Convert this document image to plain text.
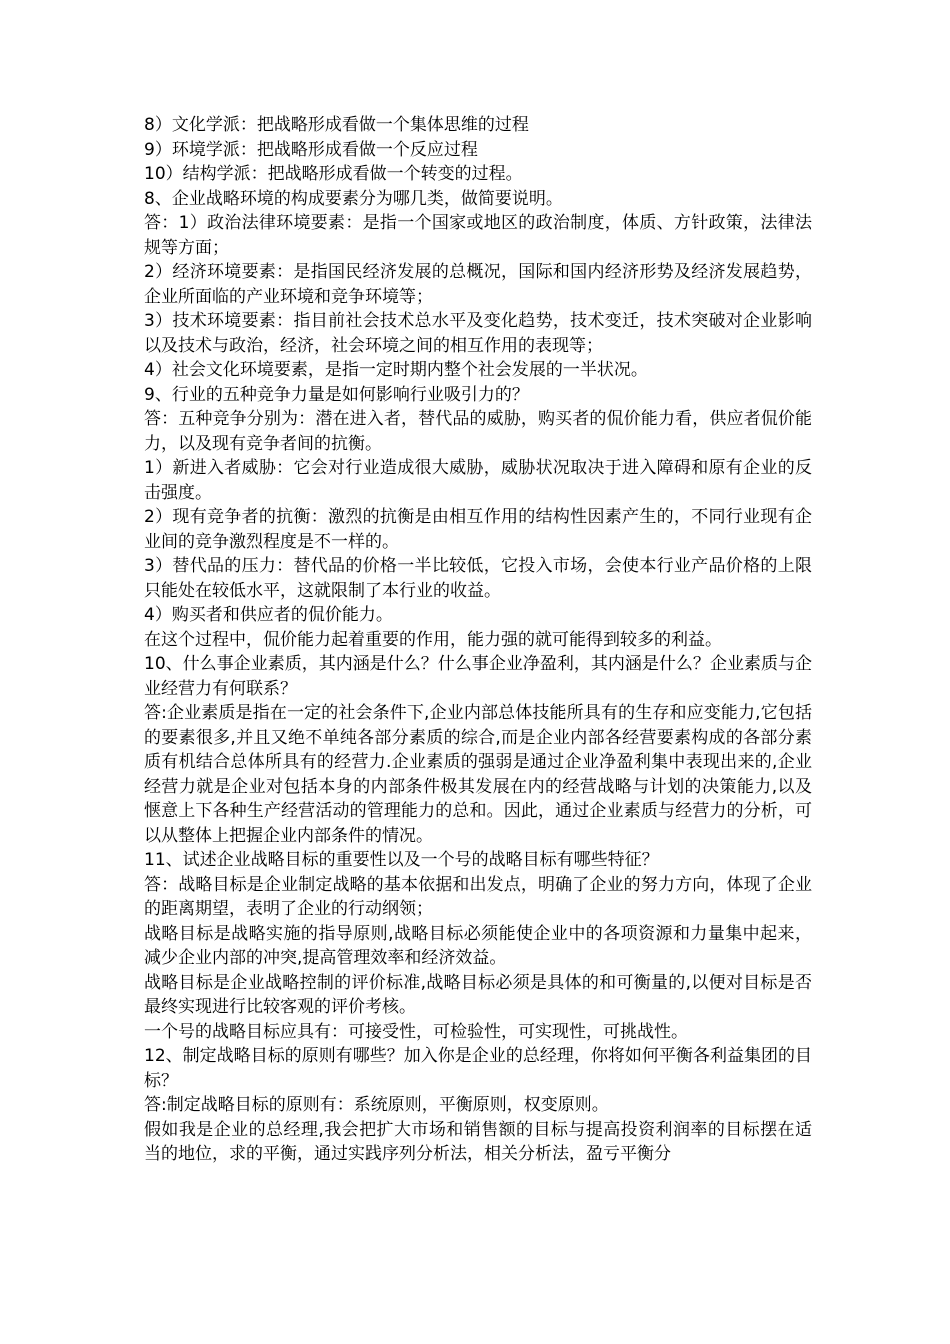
8）文化学派：把战略形成看做一个集体思维的过程

9）环境学派：把战略形成看做一个反应过程

10）结构学派：把战略形成看做一个转变的过程。

8、企业战略环境的构成要素分为哪几类，做简要说明。

答：1）政治法律环境要素：是指一个国家或地区的政治制度，体质、方针政策，法律法规等方面；

2）经济环境要素：是指国民经济发展的总概况，国际和国内经济形势及经济发展趋势，企业所面临的产业环境和竞争环境等；

3）技术环境要素：指目前社会技术总水平及变化趋势，技术变迁，技术突破对企业影响以及技术与政治，经济，社会环境之间的相互作用的表现等；

4）社会文化环境要素，是指一定时期内整个社会发展的一半状况。

9、行业的五种竞争力量是如何影响行业吸引力的？

答：五种竞争分别为：潜在进入者，替代品的威胁，购买者的侃价能力看，供应者侃价能力，以及现有竞争者间的抗衡。

1）新进入者威胁：它会对行业造成很大威胁，威胁状况取决于进入障碍和原有企业的反击强度。

2）现有竞争者的抗衡：激烈的抗衡是由相互作用的结构性因素产生的，不同行业现有企业间的竞争激烈程度是不一样的。

3）替代品的压力：替代品的价格一半比较低，它投入市场，会使本行业产品价格的上限只能处在较低水平，这就限制了本行业的收益。

4）购买者和供应者的侃价能力。

在这个过程中，侃价能力起着重要的作用，能力强的就可能得到较多的利益。

10、什么事企业素质，其内涵是什么？什么事企业净盈利，其内涵是什么？企业素质与企业经营力有何联系？

答:企业素质是指在一定的社会条件下,企业内部总体技能所具有的生存和应变能力,它包括的要素很多,并且又绝不单纯各部分素质的综合,而是企业内部各经营要素构成的各部分素质有机结合总体所具有的经营力.企业素质的强弱是通过企业净盈利集中表现出来的,企业经营力就是企业对包括本身的内部条件极其发展在内的经营战略与计划的决策能力,以及惬意上下各种生产经营活动的管理能力的总和。因此，通过企业素质与经营力的分析，可以从整体上把握企业内部条件的情况。

11、试述企业战略目标的重要性以及一个号的战略目标有哪些特征？

答：战略目标是企业制定战略的基本依据和出发点，明确了企业的努力方向，体现了企业的距离期望，表明了企业的行动纲领；

战略目标是战略实施的指导原则,战略目标必须能使企业中的各项资源和力量集中起来，减少企业内部的冲突,提高管理效率和经济效益。

战略目标是企业战略控制的评价标准,战略目标必须是具体的和可衡量的,以便对目标是否最终实现进行比较客观的评价考核。

一个号的战略目标应具有：可接受性，可检验性，可实现性，可挑战性。

12、制定战略目标的原则有哪些？加入你是企业的总经理，你将如何平衡各利益集团的目标？

答:制定战略目标的原则有：系统原则，平衡原则，权变原则。

假如我是企业的总经理,我会把扩大市场和销售额的目标与提高投资利润率的目标摆在适当的地位，求的平衡，通过实践序列分析法，相关分析法，盈亏平衡分
